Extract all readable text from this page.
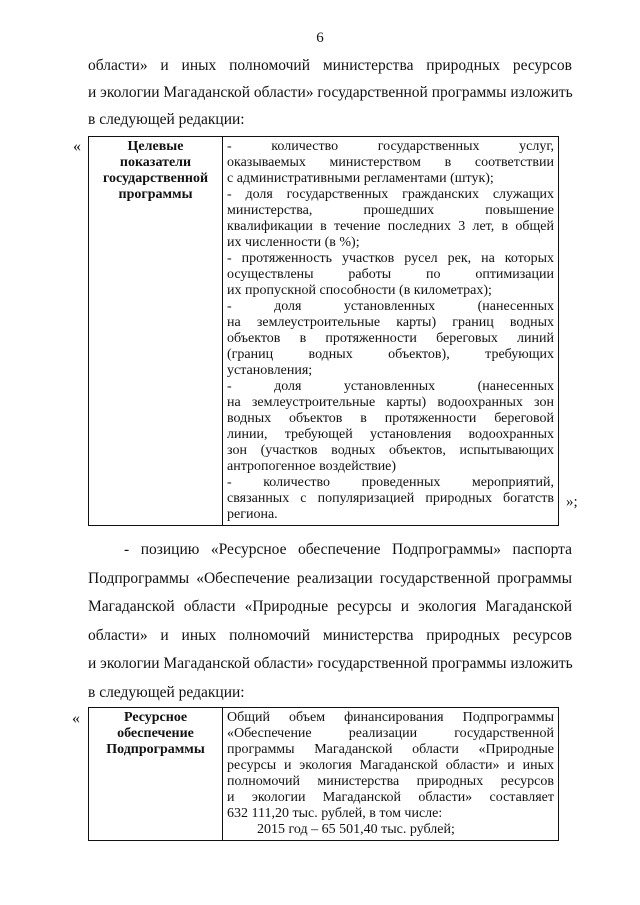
6
области» и иных полномочий министерства природных ресурсов
и экологии Магаданской области» государственной программы изложить
в следующей редакции:
«	Целевые
показатели
государственной
программы

- количество государственных услуг,
оказываемых министерством в соответствии
с административными регламентами (штук);
- доля государственных гражданских служащих
министерства, прошедших повышение
квалификации в течение последних 3 лет, в общей
их численности (в %);
- протяженность участков русел рек, на которых
осуществлены работы по оптимизации
их пропускной способности (в километрах);
- доля установленных (нанесенных
на землеустроительные карты) границ водных
объектов в протяженности береговых линий
(границ водных объектов), требующих
установления;
- доля установленных (нанесенных
на землеустроительные карты) водоохранных зон
водных объектов в протяженности береговой
линии, требующей установления водоохранных
зон (участков водных объектов, испытывающих
антропогенное воздействие)
- количество проведенных мероприятий,
связанных с популяризацией природных богатств
региона.
»;
- позицию «Ресурсное обеспечение Подпрограммы» паспорта
Подпрограммы «Обеспечение реализации государственной программы
Магаданской области «Природные ресурсы и экология Магаданской
области» и иных полномочий министерства природных ресурсов
и экологии Магаданской области» государственной программы изложить
в следующей редакции:
«	Ресурсное
обеспечение
Подпрограммы

Общий объем финансирования Подпрограммы
«Обеспечение реализации государственной
программы Магаданской области «Природные
ресурсы и экология Магаданской области» и иных
полномочий министерства природных ресурсов
и экологии Магаданской области» составляет
632 111,20 тыс. рублей, в том числе:
2015 год – 65 501,40 тыс. рублей;
